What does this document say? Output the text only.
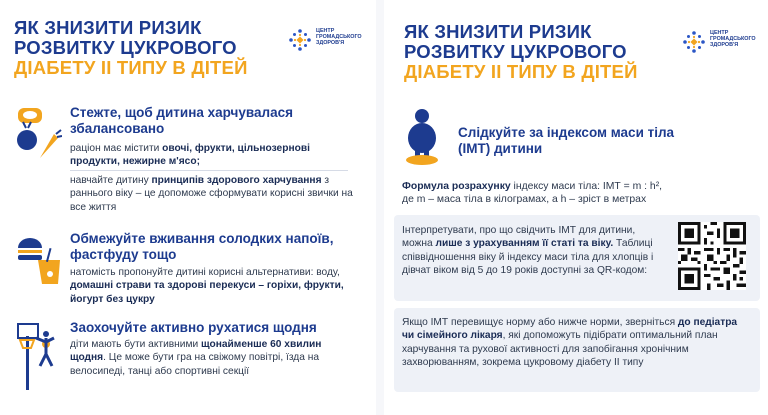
ЯК ЗНИЗИТИ РИЗИК
РОЗВИТКУ ЦУКРОВОГО
ДІАБЕТУ ІІ ТИПУ В ДІТЕЙ
ЦЕНТР
ГРОМАДСЬКОГО
ЗДОРОВ'Я
Стежте, щоб дитина харчувалася збалансовано
раціон має містити овочі, фрукти, цільнозернові продукти, нежирне м'ясо;
навчайте дитину принципів здорового харчування з раннього віку – це допоможе сформувати корисні звички на все життя
Обмежуйте вживання солодких напоїв, фастфуду тощо
натомість пропонуйте дитині корисні альтернативи: воду, домашні страви та здорові перекуси – горіхи, фрукти, йогурт без цукру
Заохочуйте активно рухатися щодня
діти мають бути активними щонайменше 60 хвилин щодня. Це може бути гра на свіжому повітрі, їзда на велосипеді, танці або спортивні секції
ЯК ЗНИЗИТИ РИЗИК
РОЗВИТКУ ЦУКРОВОГО
ДІАБЕТУ ІІ ТИПУ В ДІТЕЙ
ЦЕНТР
ГРОМАДСЬКОГО
ЗДОРОВ'Я
Слідкуйте за індексом маси тіла (ІМТ) дитини
Формула розрахунку індексу маси тіла: ІМТ = m : h²,
де m – маса тіла в кілограмах, а h – зріст в метрах
Інтерпретувати, про що свідчить ІМТ для дитини, можна лише з урахуванням її статі та віку. Таблиці співвідношення віку й індексу маси тіла для хлопців і дівчат віком від 5 до 19 років доступні за QR-кодом:
Якщо ІМТ перевищує норму або нижче норми, зверніться до педіатра чи сімейного лікаря, які допоможуть підібрати оптимальний план харчування та рухової активності для запобігання хронічним захворюванням, зокрема цукровому діабету ІІ типу
